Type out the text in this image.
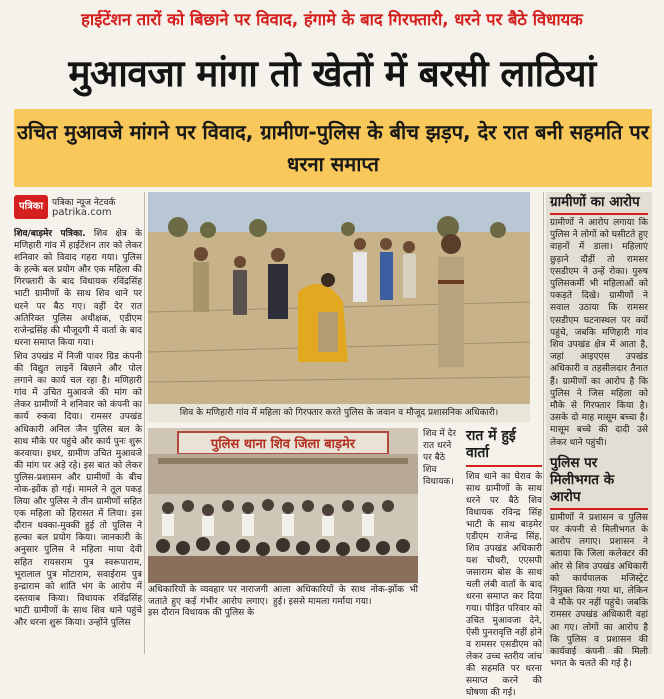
हाईटेंशन तारों को बिछाने पर विवाद, हंगामे के बाद गिरफ्तारी, धरने पर बैठे विधायक
मुआवजा मांगा तो खेतों में बरसी लाठियां
उचित मुआवजे मांगने पर विवाद, ग्रामीण-पुलिस के बीच झड़प, देर रात बनी सहमति पर धरना समाप्त
पत्रिका पत्रिका न्यूज नेटवर्क
patrika.com

शिव/बाड़मेर पत्रिका. शिव क्षेत्र के मणिहारी गांव में हाईटेंशन तार को लेकर शनिवार को विवाद गहरा गया। पुलिस के हल्के बल प्रयोग और एक महिला की गिरफ्तारी के बाद विधायक रविंद्रसिंह भाटी ग्रामीणों के साथ शिव थाने पर धरने पर बैठ गए। वहीं देर रात अतिरिक्त पुलिस अधीक्षक, एडीएम राजेन्द्रसिंह की मौजूदगी में वार्ता के बाद धरना समाप्त किया गया।

शिव उपखंड में निजी पावर ग्रिड कंपनी की विद्युत लाइनें बिछाने और पोल लगाने का कार्य चल रहा है। मणिहारी गांव में उचित मुआवजे की मांग को लेकर ग्रामीणों ने शनिवार को कंपनी का कार्य रुकवा दिया। रामसर उपखंड अधिकारी अनिल जैन पुलिस बल के साथ मौके पर पहुंचे और कार्य पुनः शुरू करवाया। इधर, ग्रामीण उचित मुआवजे की मांग पर अड़े रहे। इस बात को लेकर पुलिस-प्रशासन और ग्रामीणों के बीच नोक-झोंक हो गई। मामले ने तूल पकड़ लिया और पुलिस ने तीन ग्रामीणों सहित एक महिला को हिरासत में लिया। इस दौरान धक्का-मुक्की हुई तो पुलिस ने हल्का बल प्रयोग किया। जानकारी के अनुसार पुलिस ने महिला माया देवी सहित रायसराम पुत्र स्वरूपाराम, भूरालाल पुत्र मोटाराम, सवाईराम पुत्र इन्द्राराम को शांति भंग के आरोप में दस्तयाब किया। विधायक रविंद्रसिंह भाटी ग्रामीणों के साथ शिव थाने पहुंचे और धरना शुरू किया। उन्होंने पुलिस

शिव के मणिहारी गांव में महिला को गिरफ्तार करते पुलिस के जवान व मौजूद प्रशासनिक अधिकारी।
पुलिस थाना शिव जिला बाड़मेर
शिव में देर रात धरने पर बैठे शिव विधायक।
अधिकारियों के व्यवहार पर नाराजगी जताते हुए कई गंभीर आरोप लगाए। इस दौरान विधायक की पुलिस के
आला अधिकारियों के साथ नोक-झोंक भी हुई। इससे मामला गर्माया गया।
रात में हुई वार्ता
शिव थाने का घेराव के साथ ग्रामीणों के साथ धरने पर बैठे शिव विधायक रविन्द्र सिंह भाटी के साथ बाड़मेर एडीएम राजेन्द्र सिंह, शिव उपखंड अधिकारी यश चौधरी, एएसपी जसाराम बोस के साथ चली लंबी वार्ता के बाद धरना समाप्त कर दिया गया। पीड़ित परिवार को उचित मुआवजा देने, ऐसी पुनरावृत्ति नहीं होने व रामसर एसडीएम को लेकर उच्च स्तरीय जांच की सहमति पर धरना समाप्त करने की घोषणा की गई।
ग्रामीणों का आरोप
ग्रामीणों ने आरोप लगाया कि पुलिस ने लोगों को घसीटते हुए वाहनों में डाला। महिलाएं छुड़ाने दौड़ीं तो रामसर एसडीएम ने उन्हें रोका। पुरुष पुलिसकर्मी भी महिलाओं को पकड़ते दिखे। ग्रामीणों ने सवाल उठाया कि रामसर एसडीएम घटनास्थल पर क्यों पहुंचे, जबकि मणिहारी गांव शिव उपखंड क्षेत्र में आता है, जहां आइएएस उपखंड अधिकारी व तहसीलदार तैनात हैं। ग्रामीणों का आरोप है कि पुलिस ने जिस महिला को मौके से गिरफ्तार किया है। उसके दो माह मासूम बच्चा है। मासूम बच्चे की दादी उसे लेकर थाने पहुंची।
पुलिस पर मिलीभगत के आरोप
ग्रामीणों ने प्रशासन व पुलिस पर कंपनी से मिलीभगत के आरोप लगाए। प्रशासन ने बताया कि जिला कलेक्टर की ओर से शिव उपखंड अधिकारी को कार्यपालक मजिस्ट्रेट नियुक्त किया गया था, लेकिन वे मौके पर नहीं पहुंचे। जबकि रामसर उपखंड अधिकारी वहां आ गए। लोगों का आरोप है कि पुलिस व प्रशासन की कार्यवाई कंपनी की मिली भगत के चलते की गई है।
